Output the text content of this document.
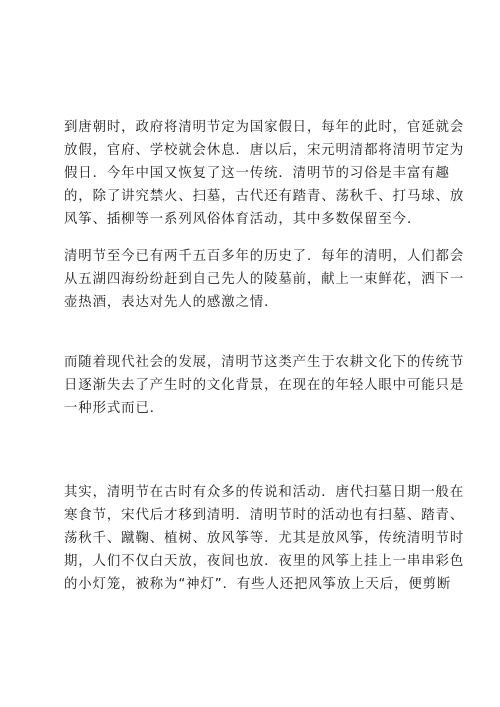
到唐朝时，政府将清明节定为国家假日，每年的此时，官延就会
放假，官府、学校就会休息．唐以后，宋元明清都将清明节定为
假日．今年中国又恢复了这一传统．清明节的习俗是丰富有趣
的，除了讲究禁火、扫墓，古代还有踏青、荡秋千、打马球、放
风筝、插柳等一系列风俗体育活动，其中多数保留至今．
清明节至今已有两千五百多年的历史了．每年的清明，人们都会
从五湖四海纷纷赶到自己先人的陵墓前，献上一束鲜花，洒下一
壶热酒，表达对先人的感激之情．
而随着现代社会的发展，清明节这类产生于农耕文化下的传统节
日逐渐失去了产生时的文化背景，在现在的年轻人眼中可能只是
一种形式而已．
其实，清明节在古时有众多的传说和活动．唐代扫墓日期一般在
寒食节，宋代后才移到清明．清明节时的活动也有扫墓、踏青、
荡秋千、蹴鞠、植树、放风筝等．尤其是放风筝，传统清明节时
期，人们不仅白天放，夜间也放．夜里的风筝上挂上一串串彩色
的小灯笼，被称为“神灯”．有些人还把风筝放上天后，便剪断
